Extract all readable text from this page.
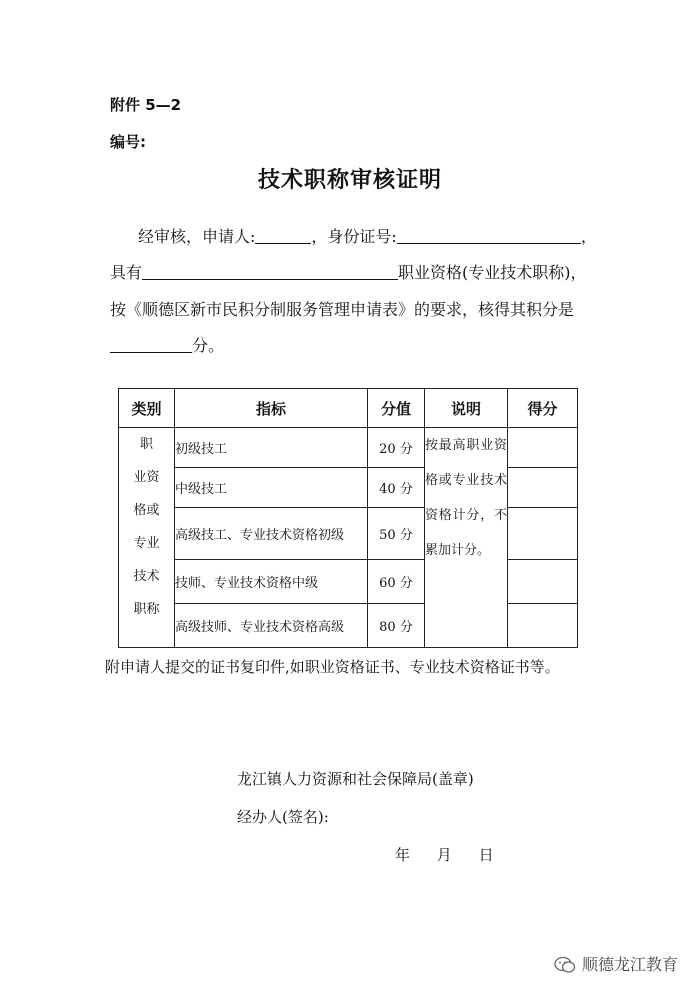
附件 5—2
编号:
技术职称审核证明
经审核，申请人:	，身份证号:	，
具有	职业资格(专业技术职称)，
按《顺德区新市民积分制服务管理申请表》的要求，核得其积分是
分。
类别	指标	分值	说明	得分

职　业资　格或　专业　技术　职称	初级技工	20 分	按最高职业资格或专业技术资格计分，不累加计分。	

	中级技工	40 分		
	高级技工、专业技术资格初级	50 分		
	技师、专业技术资格中级	60 分		
	高级技师、专业技术资格高级	80 分		
附申请人提交的证书复印件,如职业资格证书、专业技术资格证书等。
龙江镇人力资源和社会保障局(盖章)
经办人(签名):
年 月 日
顺德龙江教育
